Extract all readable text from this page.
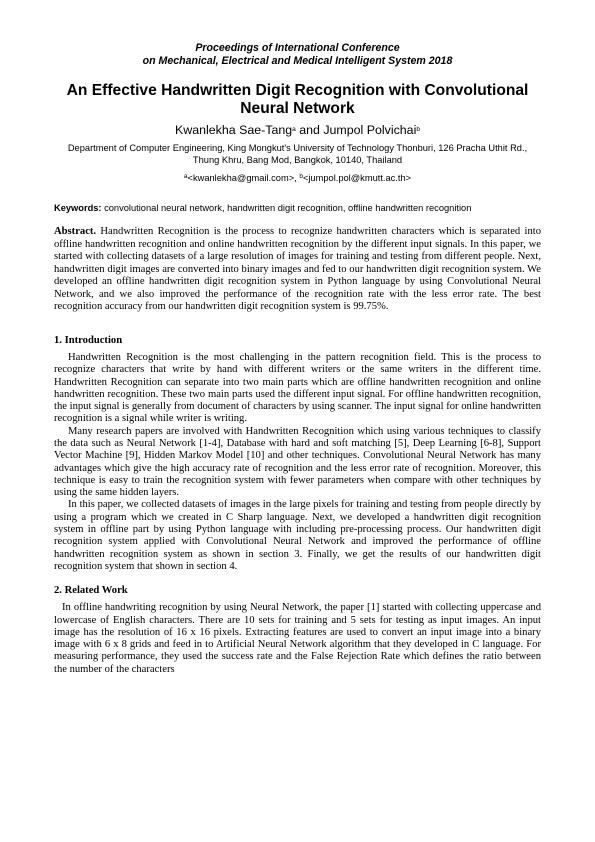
Proceedings of International Conference
on Mechanical, Electrical and Medical Intelligent System 2018
An Effective Handwritten Digit Recognition with Convolutional
Neural Network
Kwanlekha Sae-Tang$^a$ and Jumpol Polvichai$^b$
Department of Computer Engineering, King Mongkut's University of Technology Thonburi, 126 Pracha Uthit Rd., Thung Khru, Bang Mod, Bangkok, 10140, Thailand
$^a$<kwanlekha@gmail.com>, $^b$<jumpol.pol@kmutt.ac.th>
Keywords: convolutional neural network, handwritten digit recognition, offline handwritten recognition
Abstract. Handwritten Recognition is the process to recognize handwritten characters which is separated into offline handwritten recognition and online handwritten recognition by the different input signals. In this paper, we started with collecting datasets of a large resolution of images for training and testing from different people. Next, handwritten digit images are converted into binary images and fed to our handwritten digit recognition system. We developed an offline handwritten digit recognition system in Python language by using Convolutional Neural Network, and we also improved the performance of the recognition rate with the less error rate. The best recognition accuracy from our handwritten digit recognition system is 99.75%.
1. Introduction

Handwritten Recognition is the most challenging in the pattern recognition field. This is the process to recognize characters that write by hand with different writers or the same writers in the different time. Handwritten Recognition can separate into two main parts which are offline handwritten recognition and online handwritten recognition. These two main parts used the different input signal. For offline handwritten recognition, the input signal is generally from document of characters by using scanner. The input signal for online handwritten recognition is a signal while writer is writing.

Many research papers are involved with Handwritten Recognition which using various techniques to classify the data such as Neural Network [1-4], Database with hard and soft matching [5], Deep Learning [6-8], Support Vector Machine [9], Hidden Markov Model [10] and other techniques. Convolutional Neural Network has many advantages which give the high accuracy rate of recognition and the less error rate of recognition. Moreover, this technique is easy to train the recognition system with fewer parameters when compare with other techniques by using the same hidden layers.

In this paper, we collected datasets of images in the large pixels for training and testing from people directly by using a program which we created in C Sharp language. Next, we developed a handwritten digit recognition system in offline part by using Python language with including pre-processing process. Our handwritten digit recognition system applied with Convolutional Neural Network and improved the performance of offline handwritten recognition system as shown in section 3. Finally, we get the results of our handwritten digit recognition system that shown in section 4.

2. Related Work

In offline handwriting recognition by using Neural Network, the paper [1] started with collecting uppercase and lowercase of English characters. There are 10 sets for training and 5 sets for testing as input images. An input image has the resolution of 16 x 16 pixels. Extracting features are used to convert an input image into a binary image with 6 x 8 grids and feed in to Artificial Neural Network algorithm that they developed in C language. For measuring performance, they used the success rate and the False Rejection Rate which defines the ratio between the number of the characters
